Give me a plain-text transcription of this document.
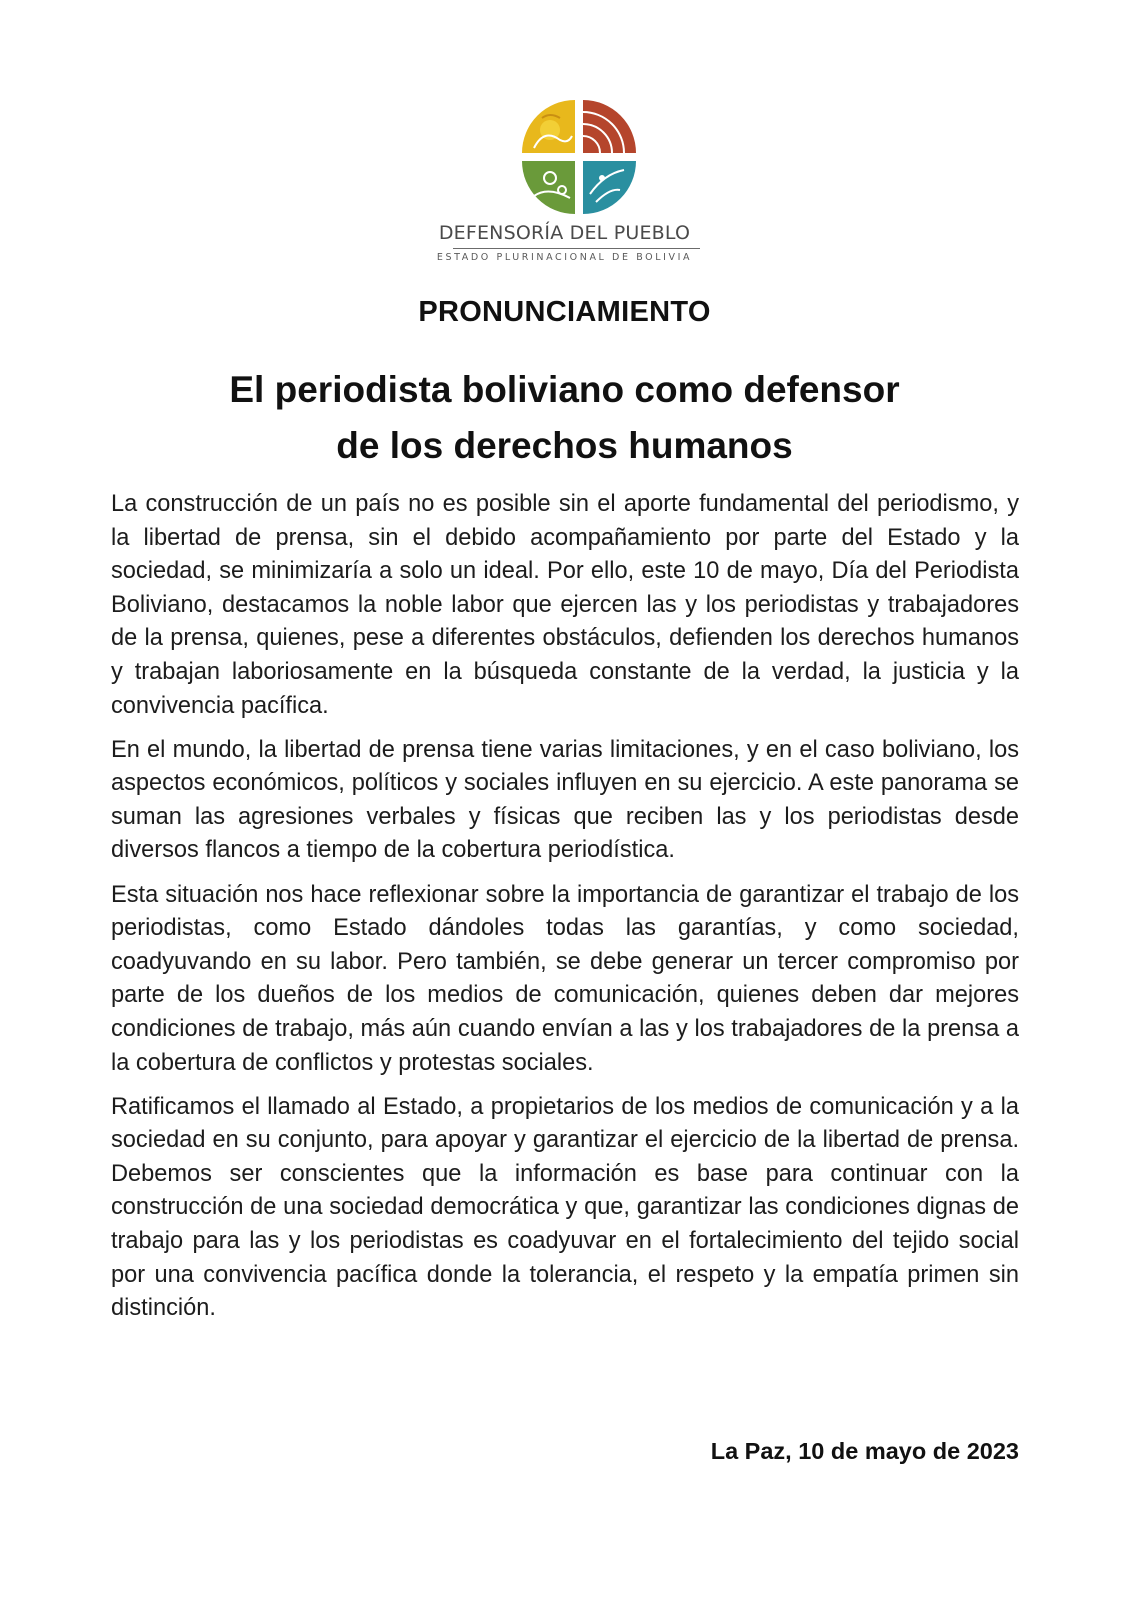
DEFENSORÍA DEL PUEBLO
ESTADO PLURINACIONAL DE BOLIVIA
PRONUNCIAMIENTO
El periodista boliviano como defensor
de los derechos humanos

La construcción de un país no es posible sin el aporte fundamental del periodismo, y la libertad de prensa, sin el debido acompañamiento por parte del Estado y la sociedad, se minimizaría a solo un ideal. Por ello, este 10 de mayo, Día del Periodista Boliviano, destacamos la noble labor que ejercen las y los periodistas y trabajadores de la prensa, quienes, pese a diferentes obstáculos, defienden los derechos humanos y trabajan laboriosamente en la búsqueda constante de la verdad, la justicia y la convivencia pacífica.

En el mundo, la libertad de prensa tiene varias limitaciones, y en el caso boliviano, los aspectos económicos, políticos y sociales influyen en su ejercicio. A este panorama se suman las agresiones verbales y físicas que reciben las y los periodistas desde diversos flancos a tiempo de la cobertura periodística.

Esta situación nos hace reflexionar sobre la importancia de garantizar el trabajo de los periodistas, como Estado dándoles todas las garantías, y como sociedad, coadyuvando en su labor. Pero también, se debe generar un tercer compromiso por parte de los dueños de los medios de comunicación, quienes deben dar mejores condiciones de trabajo, más aún cuando envían a las y los trabajadores de la prensa a la cobertura de conflictos y protestas sociales.

Ratificamos el llamado al Estado, a propietarios de los medios de comunicación y a la sociedad en su conjunto, para apoyar y garantizar el ejercicio de la libertad de prensa. Debemos ser conscientes que la información es base para continuar con la construcción de una sociedad democrática y que, garantizar las condiciones dignas de trabajo para las y los periodistas es coadyuvar en el fortalecimiento del tejido social por una convivencia pacífica donde la tolerancia, el respeto y la empatía primen sin distinción.

La Paz, 10 de mayo de 2023
